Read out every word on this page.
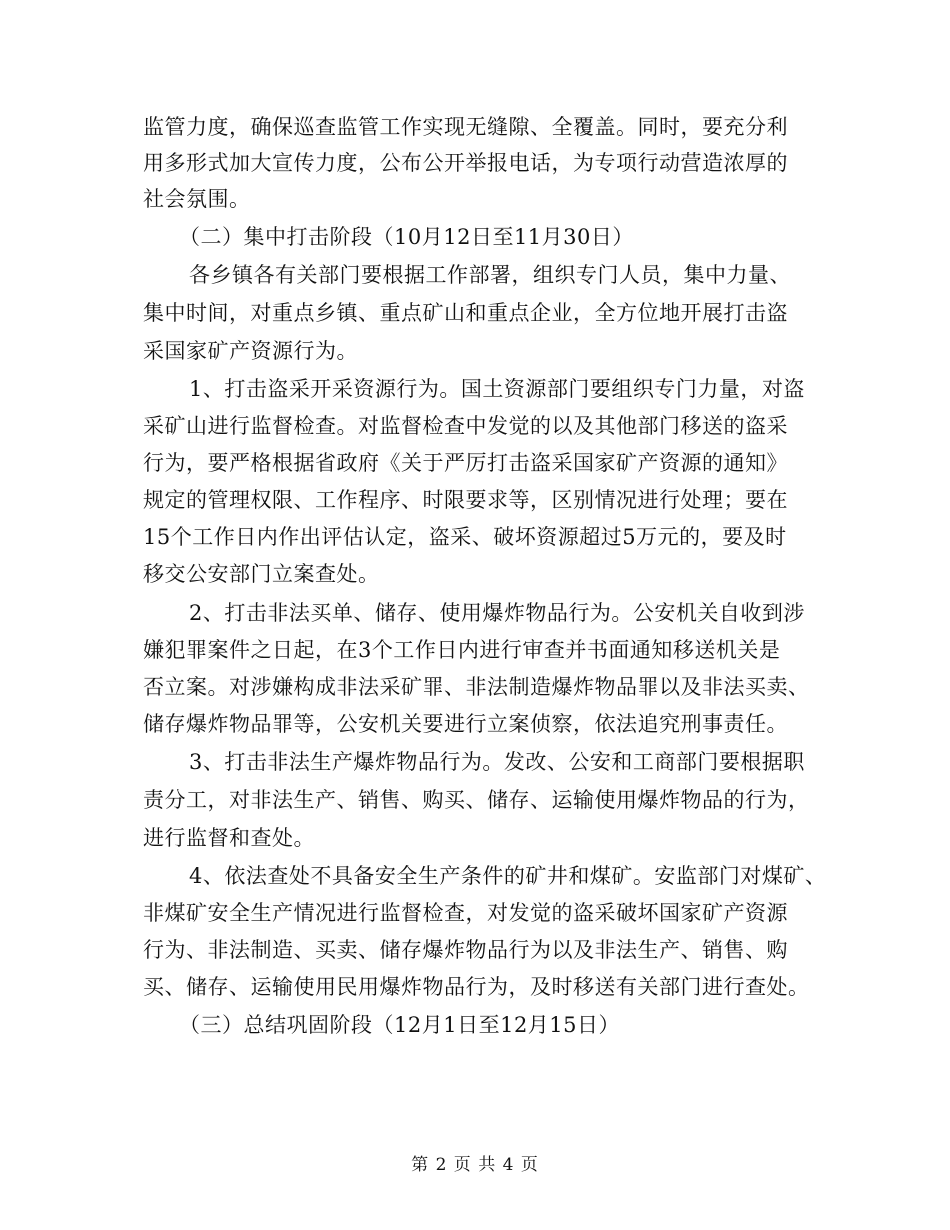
监管力度，确保巡查监管工作实现无缝隙、全覆盖。同时，要充分利
用多形式加大宣传力度，公布公开举报电话，为专项行动营造浓厚的
社会氛围。
（二）集中打击阶段（10月12日至11月30日）
各乡镇各有关部门要根据工作部署，组织专门人员，集中力量、
集中时间，对重点乡镇、重点矿山和重点企业，全方位地开展打击盗
采国家矿产资源行为。
1、打击盗采开采资源行为。国土资源部门要组织专门力量，对盗
采矿山进行监督检查。对监督检查中发觉的以及其他部门移送的盗采
行为，要严格根据省政府《关于严厉打击盗采国家矿产资源的通知》
规定的管理权限、工作程序、时限要求等，区别情况进行处理；要在
15个工作日内作出评估认定，盗采、破坏资源超过5万元的，要及时
移交公安部门立案查处。
2、打击非法买单、储存、使用爆炸物品行为。公安机关自收到涉
嫌犯罪案件之日起，在3个工作日内进行审查并书面通知移送机关是
否立案。对涉嫌构成非法采矿罪、非法制造爆炸物品罪以及非法买卖、
储存爆炸物品罪等，公安机关要进行立案侦察，依法追究刑事责任。
3、打击非法生产爆炸物品行为。发改、公安和工商部门要根据职
责分工，对非法生产、销售、购买、储存、运输使用爆炸物品的行为，
进行监督和查处。
4、依法查处不具备安全生产条件的矿井和煤矿。安监部门对煤矿、
非煤矿安全生产情况进行监督检查，对发觉的盗采破坏国家矿产资源
行为、非法制造、买卖、储存爆炸物品行为以及非法生产、销售、购
买、储存、运输使用民用爆炸物品行为，及时移送有关部门进行查处。
（三）总结巩固阶段（12月1日至12月15日）
第 2 页 共 4 页
